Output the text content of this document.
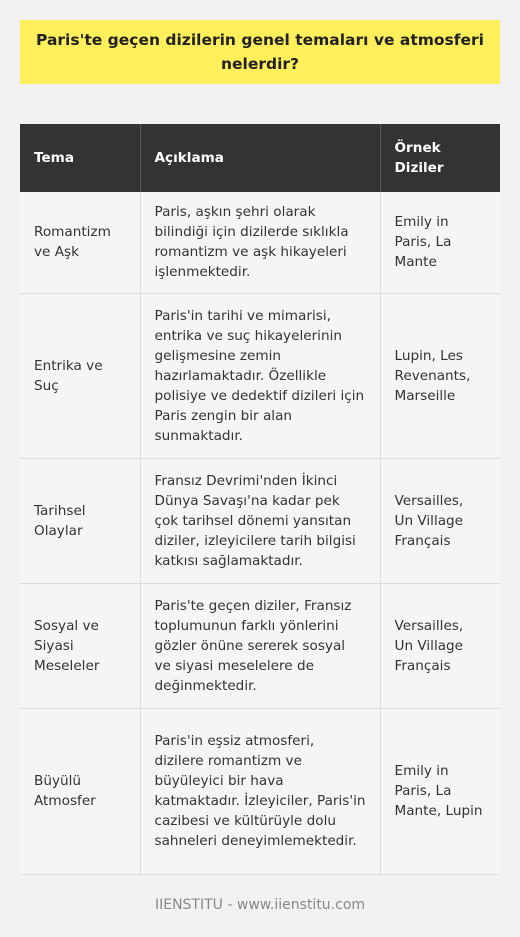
Paris'te geçen dizilerin genel temaları ve atmosferi nelerdir?
Tema	Açıklama	Örnek Diziler
Romantizm ve Aşk	Paris, aşkın şehri olarak bilindiği için dizilerde sıklıkla romantizm ve aşk hikayeleri işlenmektedir.	Emily in Paris, La Mante
Entrika ve Suç	Paris'in tarihi ve mimarisi, entrika ve suç hikayelerinin gelişmesine zemin hazırlamaktadır. Özellikle polisiye ve dedektif dizileri için Paris zengin bir alan sunmaktadır.	Lupin, Les Revenants, Marseille
Tarihsel Olaylar	Fransız Devrimi'nden İkinci Dünya Savaşı'na kadar pek çok tarihsel dönemi yansıtan diziler, izleyicilere tarih bilgisi katkısı sağlamaktadır.	Versailles, Un Village Français
Sosyal ve Siyasi Meseleler	Paris'te geçen diziler, Fransız toplumunun farklı yönlerini gözler önüne sererek sosyal ve siyasi meselelere de değinmektedir.	Versailles, Un Village Français
Büyülü Atmosfer	Paris'in eşsiz atmosferi, dizilere romantizm ve büyüleyici bir hava katmaktadır. İzleyiciler, Paris'in cazibesi ve kültürüyle dolu sahneleri deneyimlemektedir.	Emily in Paris, La Mante, Lupin
IIENSTITU - www.iienstitu.com
